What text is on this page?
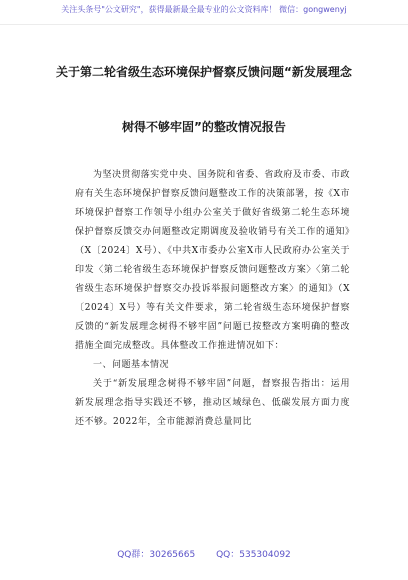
关注头条号"公文研究"，获得最新最全最专业的公文资料库！ 微信：gongwenyj
关于第二轮省级生态环境保护督察反馈问题“新发展理念
树得不够牢固”的整改情况报告

为坚决贯彻落实党中央、国务院和省委、省政府及市委、市政府有关生态环境保护督察反馈问题整改工作的决策部署，按《X市环境保护督察工作领导小组办公室关于做好省级第二轮生态环境保护督察反馈交办问题整改定期调度及验收销号有关工作的通知》（X〔2024〕X号）、《中共X市委办公室X市人民政府办公室关于印发〈第二轮省级生态环境保护督察反馈问题整改方案〉〈第二轮省级生态环境保护督察交办投诉举报问题整改方案〉的通知》（X〔2024〕X号）等有关文件要求，第二轮省级生态环境保护督察反馈的“新发展理念树得不够牢固”问题已按整改方案明确的整改措施全面完成整改。具体整改工作推进情况如下：

一、问题基本情况

关于“新发展理念树得不够牢固”问题，督察报告指出：运用新发展理念指导实践还不够，推动区域绿色、低碳发展方面力度还不够。2022年，全市能源消费总量同比

QQ群：30265665 QQ：535304092
